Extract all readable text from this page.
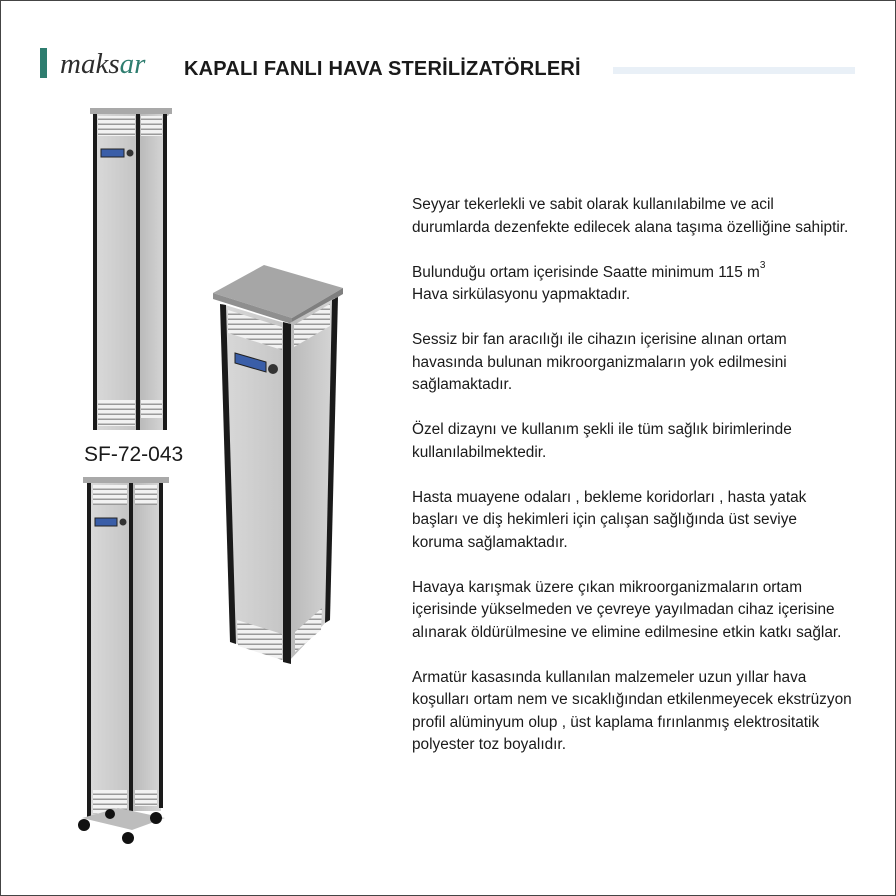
maksar KAPALI FANLI HAVA STERİLİZATÖRLERİ
SF-72-043

Seyyar tekerlekli ve sabit olarak kullanılabilme ve acil durumlarda dezenfekte edilecek alana taşıma özelliğine sahiptir.

Bulunduğu ortam içerisinde Saatte minimum 115 $m^3$
Hava sirkülasyonu yapmaktadır.

Sessiz bir fan aracılığı ile cihazın içerisine alınan ortam havasında bulunan mikroorganizmaların yok edilmesini sağlamaktadır.

Özel dizaynı ve kullanım şekli ile tüm sağlık birimlerinde kullanılabilmektedir.

Hasta muayene odaları , bekleme koridorları , hasta yatak başları ve diş hekimleri için çalışan sağlığında üst seviye koruma sağlamaktadır.

Havaya karışmak üzere çıkan mikroorganizmaların ortam içerisinde yükselmeden ve çevreye yayılmadan cihaz içerisine alınarak öldürülmesine ve elimine edilmesine etkin katkı sağlar.

Armatür kasasında kullanılan malzemeler uzun yıllar hava koşulları ortam nem ve sıcaklığından etkilenmeyecek ekstrüzyon profil alüminyum olup , üst kaplama fırınlanmış elektrositatik polyester toz boyalıdır.
